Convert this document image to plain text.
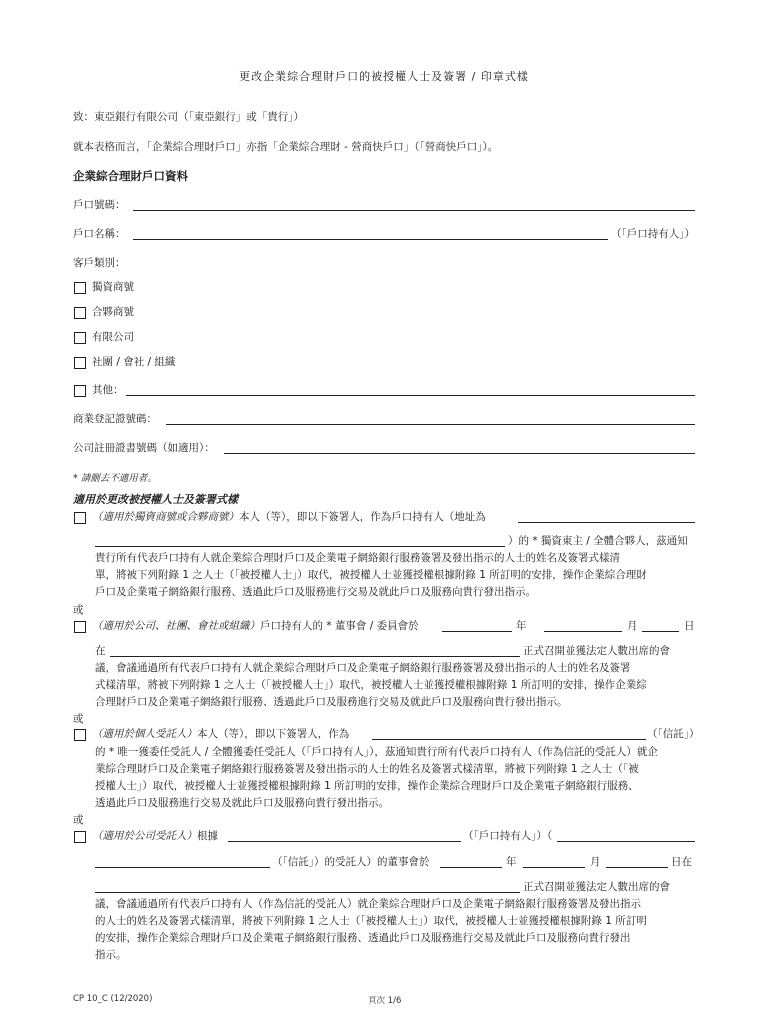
更改企業綜合理財戶口的被授權人士及簽署 / 印章式樣
致：東亞銀行有限公司（「東亞銀行」或「貴行」）
就本表格而言，「企業綜合理財戶口」亦指「企業綜合理財 - 營商快戶口」（「營商快戶口」）。
企業綜合理財戶口資料
戶口號碼：
戶口名稱：	（「戶口持有人」）
客戶類別：
獨資商號
合夥商號
有限公司
社團 / 會社 / 組織
其他：
商業登記證號碼：
公司註冊證書號碼（如適用）：
* 請刪去不適用者。
適用於更改被授權人士及簽署式樣
（適用於獨資商號或合夥商號）本人（等），即以下簽署人，作為戶口持有人（地址為
）的 * 獨資東主 / 全體合夥人，茲通知
貴行所有代表戶口持有人就企業綜合理財戶口及企業電子網絡銀行服務簽署及發出指示的人士的姓名及簽署式樣清
單，將被下列附錄 1 之人士（「被授權人士」）取代，被授權人士並獲授權根據附錄 1 所訂明的安排，操作企業綜合理財
戶口及企業電子網絡銀行服務、透過此戶口及服務進行交易及就此戶口及服務向貴行發出指示。
或
（適用於公司、社團、會社或組織）戶口持有人的 * 董事會 / 委員會於	年	月	日
在	正式召開並獲法定人數出席的會
議，會議通過所有代表戶口持有人就企業綜合理財戶口及企業電子網絡銀行服務簽署及發出指示的人士的姓名及簽署
式樣清單，將被下列附錄 1 之人士（「被授權人士」）取代，被授權人士並獲授權根據附錄 1 所訂明的安排，操作企業綜
合理財戶口及企業電子網絡銀行服務、透過此戶口及服務進行交易及就此戶口及服務向貴行發出指示。
或
（適用於個人受託人）本人（等），即以下簽署人，作為	（「信託」）
的 * 唯一獲委任受託人 / 全體獲委任受託人（「戶口持有人」），茲通知貴行所有代表戶口持有人（作為信託的受託人）就企
業綜合理財戶口及企業電子網絡銀行服務簽署及發出指示的人士的姓名及簽署式樣清單，將被下列附錄 1 之人士（「被
授權人士」）取代，被授權人士並獲授權根據附錄 1 所訂明的安排，操作企業綜合理財戶口及企業電子網絡銀行服務、
透過此戶口及服務進行交易及就此戶口及服務向貴行發出指示。
或
（適用於公司受託人）根據	（「戶口持有人」）（
（「信託」）的受託人）的董事會於	年	月	日在
正式召開並獲法定人數出席的會
議，會議通過所有代表戶口持有人（作為信託的受託人）就企業綜合理財戶口及企業電子網絡銀行服務簽署及發出指示
的人士的姓名及簽署式樣清單，將被下列附錄 1 之人士（「被授權人士」）取代，被授權人士並獲授權根據附錄 1 所訂明
的安排，操作企業綜合理財戶口及企業電子網絡銀行服務、透過此戶口及服務進行交易及就此戶口及服務向貴行發出
指示。
CP 10_C (12/2020)	頁次 1/6
